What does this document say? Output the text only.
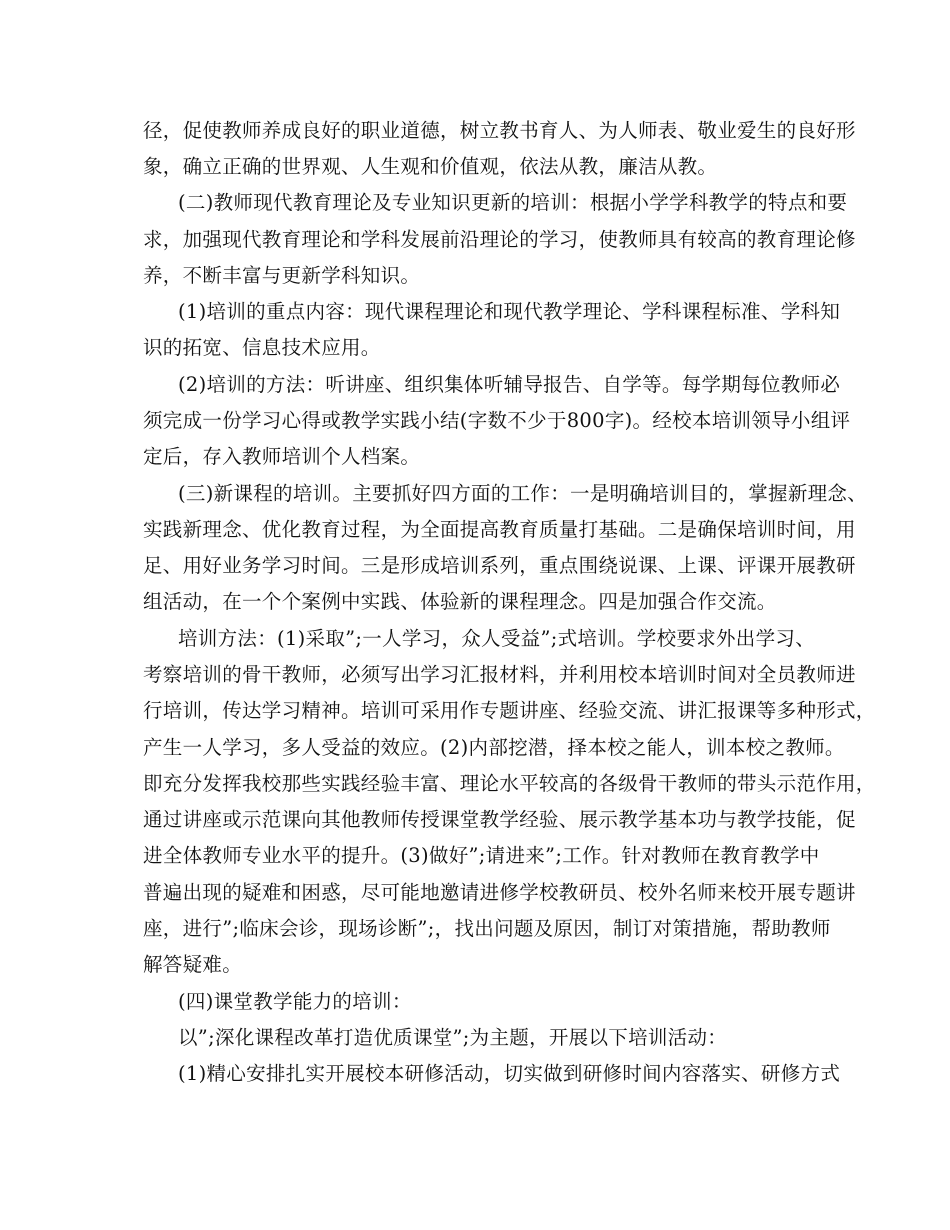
径，促使教师养成良好的职业道德，树立教书育人、为人师表、敬业爱生的良好形
象，确立正确的世界观、人生观和价值观，依法从教，廉洁从教。
(二)教师现代教育理论及专业知识更新的培训：根据小学学科教学的特点和要
求，加强现代教育理论和学科发展前沿理论的学习，使教师具有较高的教育理论修
养，不断丰富与更新学科知识。
(1)培训的重点内容：现代课程理论和现代教学理论、学科课程标准、学科知
识的拓宽、信息技术应用。
(2)培训的方法：听讲座、组织集体听辅导报告、自学等。每学期每位教师必
须完成一份学习心得或教学实践小结(字数不少于800字)。经校本培训领导小组评
定后，存入教师培训个人档案。
(三)新课程的培训。主要抓好四方面的工作：一是明确培训目的，掌握新理念、
实践新理念、优化教育过程，为全面提高教育质量打基础。二是确保培训时间，用
足、用好业务学习时间。三是形成培训系列，重点围绕说课、上课、评课开展教研
组活动，在一个个案例中实践、体验新的课程理念。四是加强合作交流。
培训方法：(1)采取”;一人学习，众人受益”;式培训。学校要求外出学习、
考察培训的骨干教师，必须写出学习汇报材料，并利用校本培训时间对全员教师进
行培训，传达学习精神。培训可采用作专题讲座、经验交流、讲汇报课等多种形式，
产生一人学习，多人受益的效应。(2)内部挖潜，择本校之能人，训本校之教师。
即充分发挥我校那些实践经验丰富、理论水平较高的各级骨干教师的带头示范作用，
通过讲座或示范课向其他教师传授课堂教学经验、展示教学基本功与教学技能，促
进全体教师专业水平的提升。(3)做好”;请进来”;工作。针对教师在教育教学中
普遍出现的疑难和困惑，尽可能地邀请进修学校教研员、校外名师来校开展专题讲
座，进行”;临床会诊，现场诊断”;，找出问题及原因，制订对策措施，帮助教师
解答疑难。
(四)课堂教学能力的培训：
以”;深化课程改革打造优质课堂”;为主题，开展以下培训活动：
(1)精心安排扎实开展校本研修活动，切实做到研修时间内容落实、研修方式
